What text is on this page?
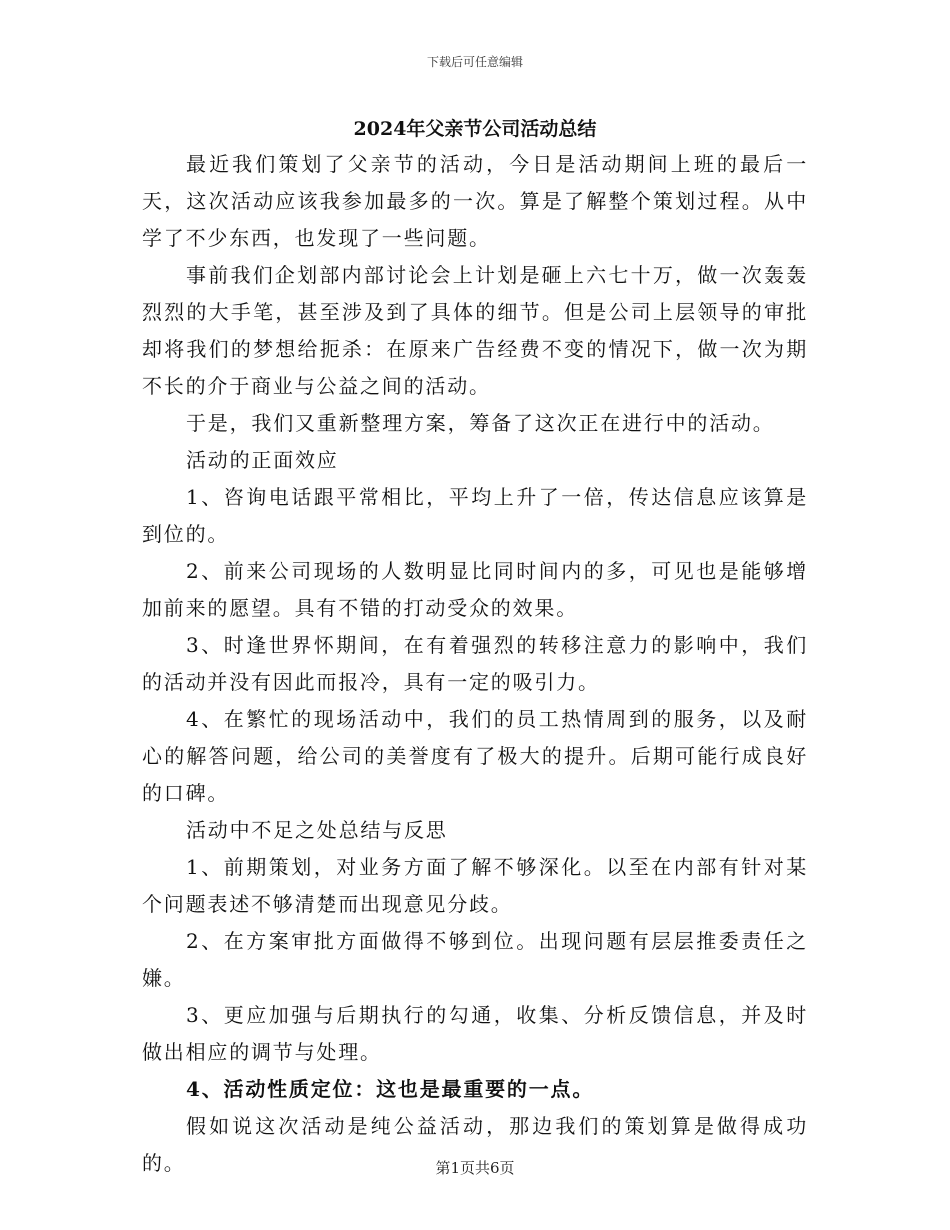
下载后可任意编辑
2024年父亲节公司活动总结

最近我们策划了父亲节的活动，今日是活动期间上班的最后一天，这次活动应该我参加最多的一次。算是了解整个策划过程。从中学了不少东西，也发现了一些问题。

事前我们企划部内部讨论会上计划是砸上六七十万，做一次轰轰烈烈的大手笔，甚至涉及到了具体的细节。但是公司上层领导的审批却将我们的梦想给扼杀：在原来广告经费不变的情况下，做一次为期不长的介于商业与公益之间的活动。

于是，我们又重新整理方案，筹备了这次正在进行中的活动。

活动的正面效应

1、咨询电话跟平常相比，平均上升了一倍，传达信息应该算是到位的。

2、前来公司现场的人数明显比同时间内的多，可见也是能够增加前来的愿望。具有不错的打动受众的效果。

3、时逢世界怀期间，在有着强烈的转移注意力的影响中，我们的活动并没有因此而报冷，具有一定的吸引力。

4、在繁忙的现场活动中，我们的员工热情周到的服务，以及耐心的解答问题，给公司的美誉度有了极大的提升。后期可能行成良好的口碑。

活动中不足之处总结与反思

1、前期策划，对业务方面了解不够深化。以至在内部有针对某个问题表述不够清楚而出现意见分歧。

2、在方案审批方面做得不够到位。出现问题有层层推委责任之嫌。

3、更应加强与后期执行的勾通，收集、分析反馈信息，并及时做出相应的调节与处理。

4、活动性质定位：这也是最重要的一点。

假如说这次活动是纯公益活动，那边我们的策划算是做得成功的。	第1页共6页
